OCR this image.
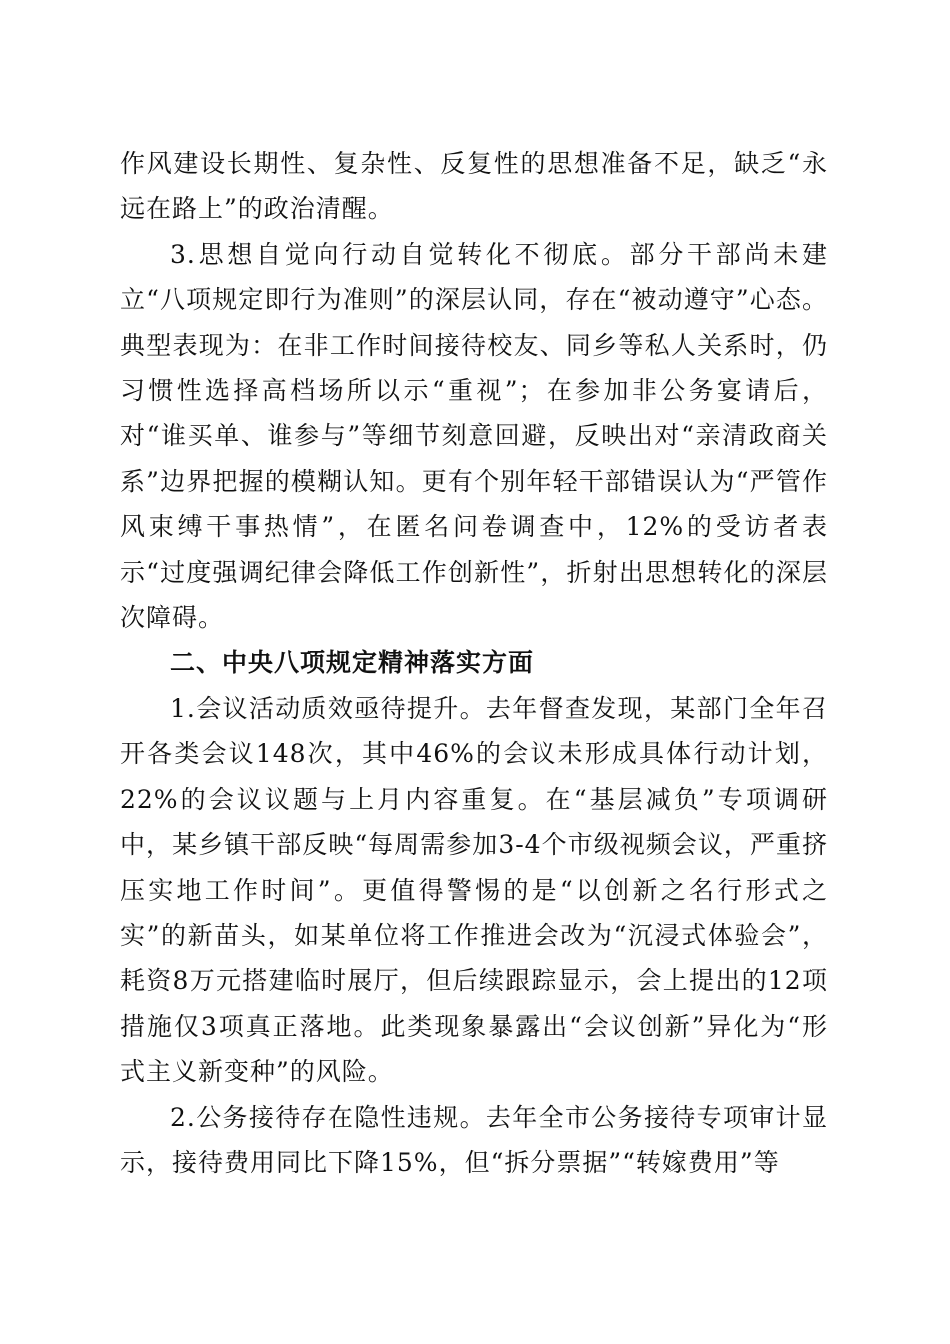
作风建设长期性、复杂性、反复性的思想准备不足，缺乏“永远在路上”的政治清醒。

3.思想自觉向行动自觉转化不彻底。部分干部尚未建立“八项规定即行为准则”的深层认同，存在“被动遵守”心态。典型表现为：在非工作时间接待校友、同乡等私人关系时，仍习惯性选择高档场所以示“重视”；在参加非公务宴请后，对“谁买单、谁参与”等细节刻意回避，反映出对“亲清政商关系”边界把握的模糊认知。更有个别年轻干部错误认为“严管作风束缚干事热情”，在匿名问卷调查中，12%的受访者表示“过度强调纪律会降低工作创新性”，折射出思想转化的深层次障碍。

二、中央八项规定精神落实方面

1.会议活动质效亟待提升。去年督查发现，某部门全年召开各类会议148次，其中46%的会议未形成具体行动计划，22%的会议议题与上月内容重复。在“基层减负”专项调研中，某乡镇干部反映“每周需参加3-4个市级视频会议，严重挤压实地工作时间”。更值得警惕的是“以创新之名行形式之实”的新苗头，如某单位将工作推进会改为“沉浸式体验会”，耗资8万元搭建临时展厅，但后续跟踪显示，会上提出的12项措施仅3项真正落地。此类现象暴露出“会议创新”异化为“形式主义新变种”的风险。

2.公务接待存在隐性违规。去年全市公务接待专项审计显示，接待费用同比下降15%，但“拆分票据”“转嫁费用”等
